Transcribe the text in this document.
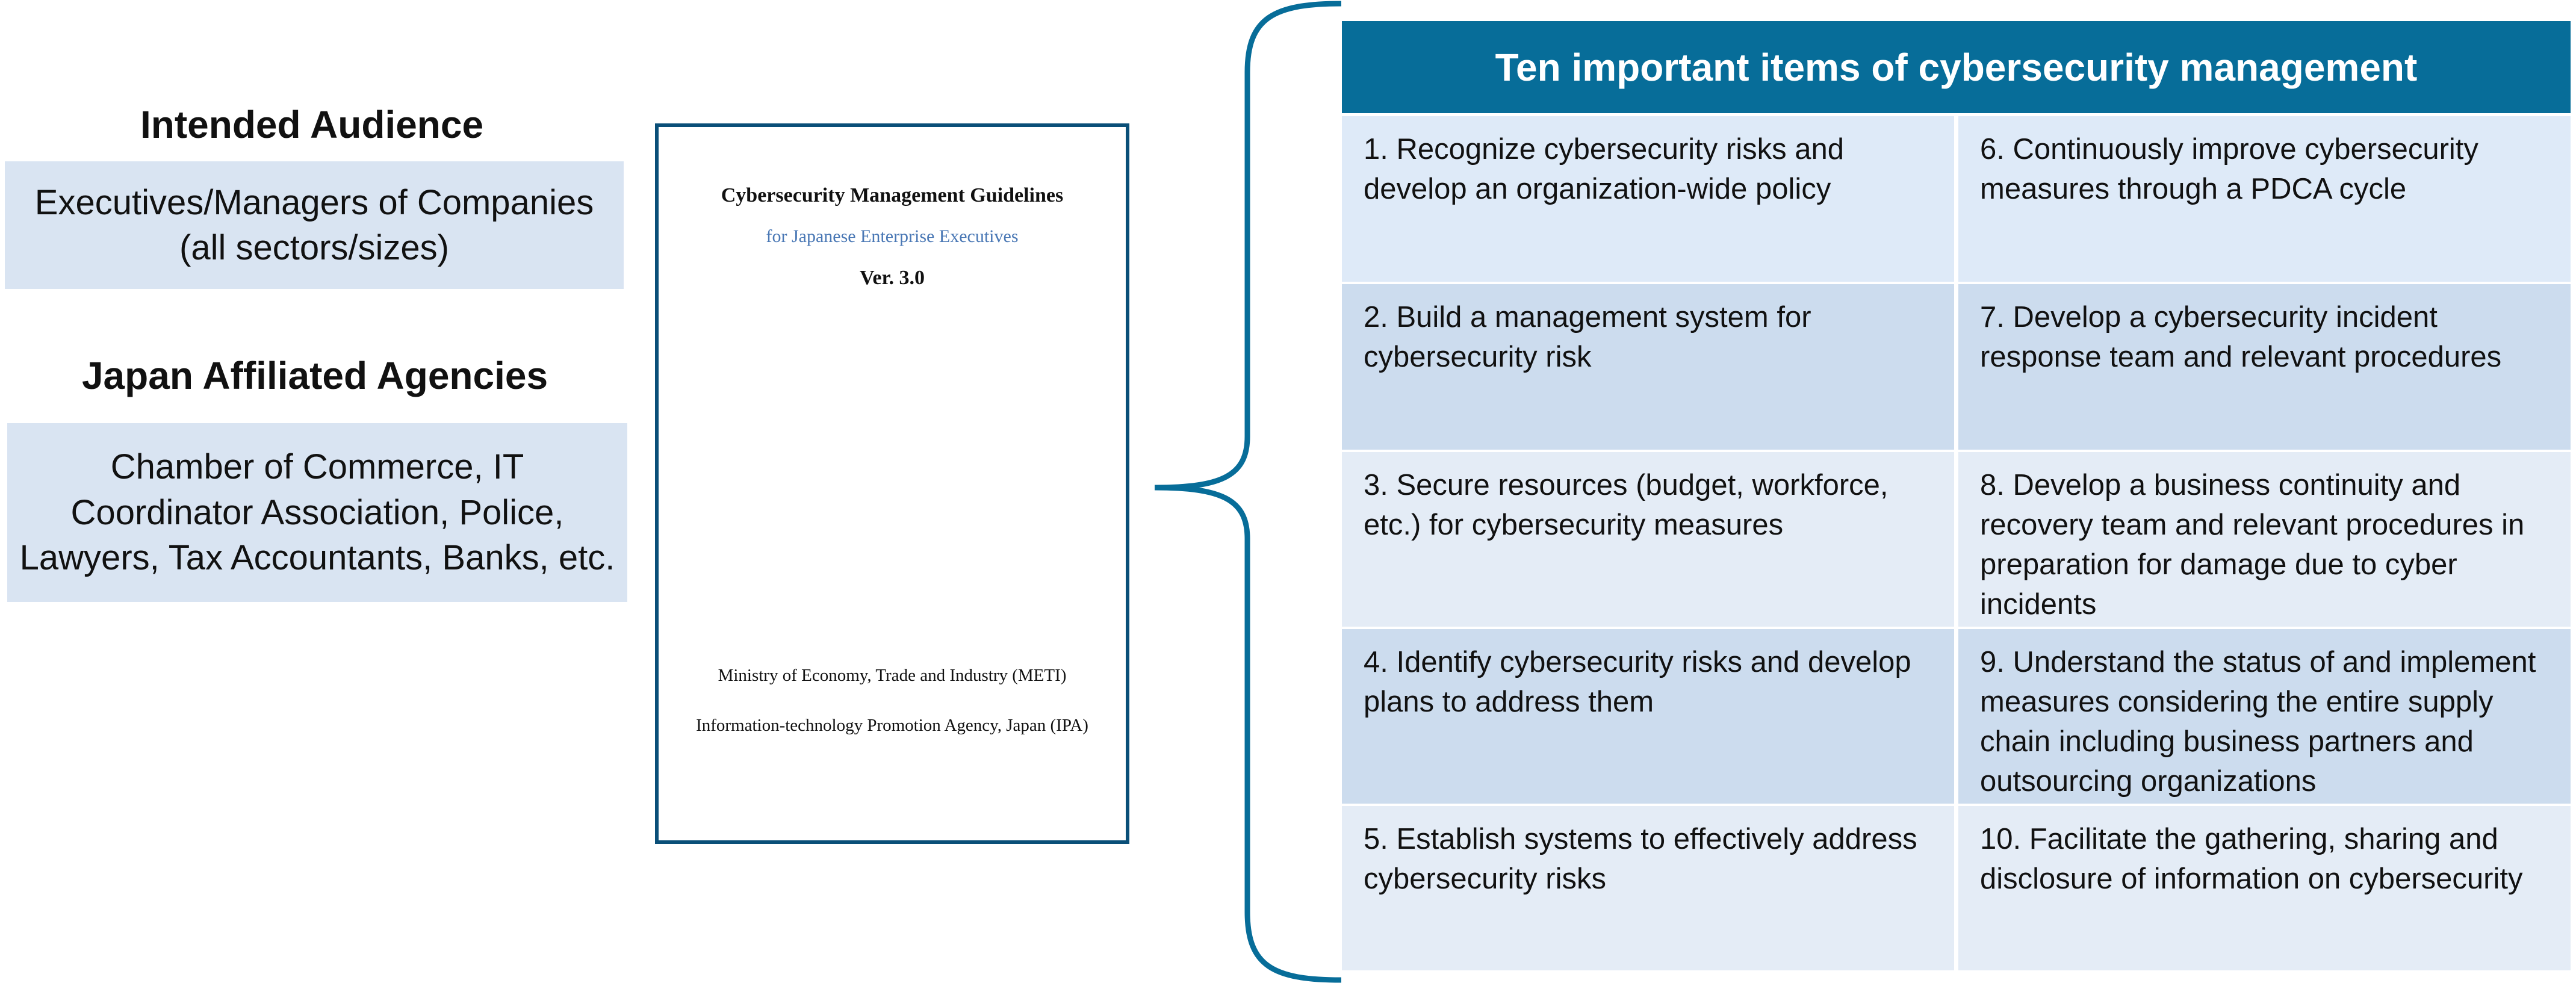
Intended Audience
Executives/Managers of Companies
(all sectors/sizes)
Japan Affiliated Agencies
Chamber of Commerce, IT
Coordinator Association, Police,
Lawyers, Tax Accountants, Banks, etc.
Cybersecurity Management Guidelines
for Japanese Enterprise Executives
Ver. 3.0
Ministry of Economy, Trade and Industry (METI)
Information-technology Promotion Agency, Japan (IPA)
Ten important items of cybersecurity management
1. Recognize cybersecurity risks and develop an organization-wide policy
6. Continuously improve cybersecurity measures through a PDCA cycle
2. Build a management system for cybersecurity risk
7. Develop a cybersecurity incident response team and relevant procedures
3. Secure resources (budget, workforce, etc.) for cybersecurity measures
8. Develop a business continuity and recovery team and relevant procedures in preparation for damage due to cyber incidents
4. Identify cybersecurity risks and develop plans to address them
9. Understand the status of and implement measures considering the entire supply chain including business partners and outsourcing organizations
5. Establish systems to effectively address cybersecurity risks
10. Facilitate the gathering, sharing and disclosure of information on cybersecurity
